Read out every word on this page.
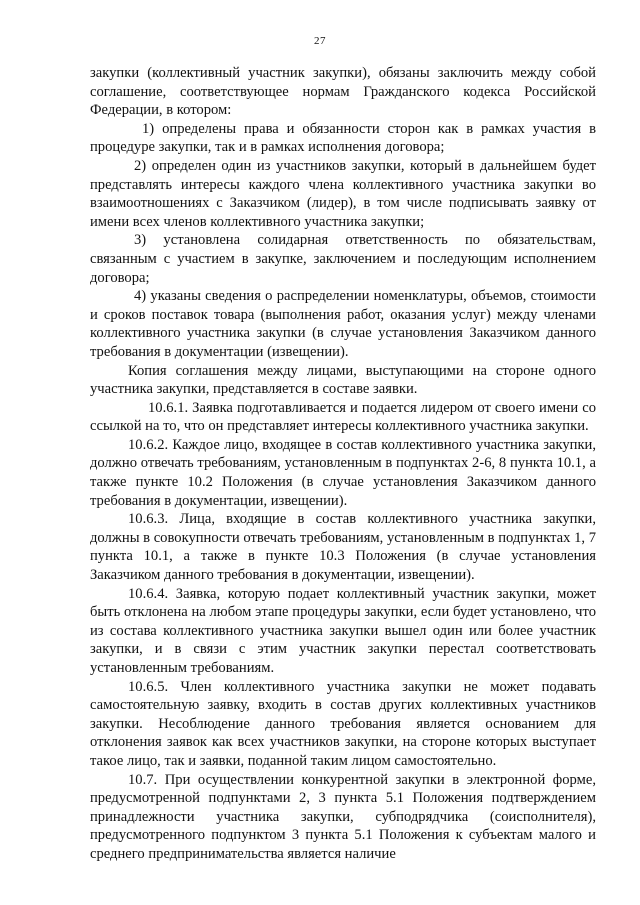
27

закупки (коллективный участник закупки), обязаны заключить между собой соглашение, соответствующее нормам Гражданского кодекса Российской Федерации, в котором:

1) определены права и обязанности сторон как в рамках участия в процедуре закупки, так и в рамках исполнения договора;

2) определен один из участников закупки, который в дальнейшем будет представлять интересы каждого члена коллективного участника закупки во взаимоотношениях с Заказчиком (лидер), в том числе подписывать заявку от имени всех членов коллективного участника закупки;

3) установлена солидарная ответственность по обязательствам, связанным с участием в закупке, заключением и последующим исполнением договора;

4) указаны сведения о распределении номенклатуры, объемов, стоимости и сроков поставок товара (выполнения работ, оказания услуг) между членами коллективного участника закупки (в случае установления Заказчиком данного требования в документации (извещении).

Копия соглашения между лицами, выступающими на стороне одного участника закупки, представляется в составе заявки.

10.6.1. Заявка подготавливается и подается лидером от своего имени со ссылкой на то, что он представляет интересы коллективного участника закупки.

10.6.2. Каждое лицо, входящее в состав коллективного участника закупки, должно отвечать требованиям, установленным в подпунктах 2-6, 8 пункта 10.1, а также пункте 10.2 Положения (в случае установления Заказчиком данного требования в документации, извещении).

10.6.3. Лица, входящие в состав коллективного участника закупки, должны в совокупности отвечать требованиям, установленным в подпунктах 1, 7 пункта 10.1, а также в пункте 10.3 Положения (в случае установления Заказчиком данного требования в документации, извещении).

10.6.4. Заявка, которую подает коллективный участник закупки, может быть отклонена на любом этапе процедуры закупки, если будет установлено, что из состава коллективного участника закупки вышел один или более участник закупки, и в связи с этим участник закупки перестал соответствовать установленным требованиям.

10.6.5. Член коллективного участника закупки не может подавать самостоятельную заявку, входить в состав других коллективных участников закупки. Несоблюдение данного требования является основанием для отклонения заявок как всех участников закупки, на стороне которых выступает такое лицо, так и заявки, поданной таким лицом самостоятельно.

10.7. При осуществлении конкурентной закупки в электронной форме, предусмотренной подпунктами 2, 3 пункта 5.1 Положения подтверждением принадлежности участника закупки, субподрядчика (соисполнителя), предусмотренного подпунктом 3 пункта 5.1 Положения к субъектам малого и среднего предпринимательства является наличие
